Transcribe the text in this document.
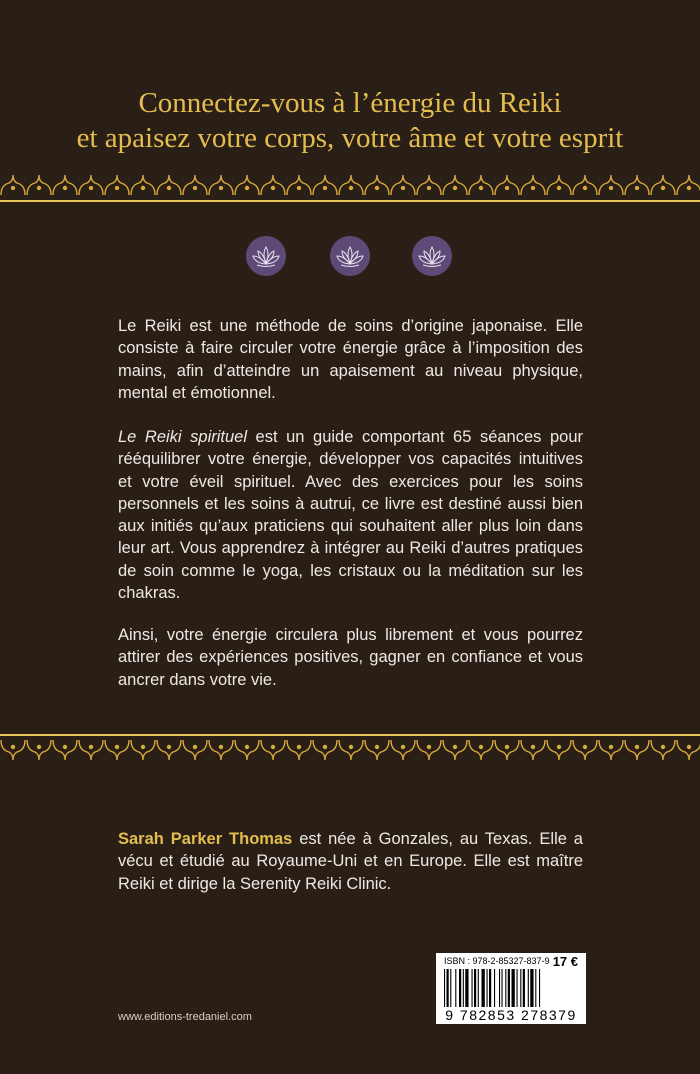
Connectez-vous à l’énergie du Reiki
et apaisez votre corps, votre âme et votre esprit

Le Reiki est une méthode de soins d’origine japonaise. Elle consiste à faire circuler votre énergie grâce à l’imposition des mains, afin d’atteindre un apaisement au niveau physique, mental et émotionnel.

Le Reiki spirituel est un guide comportant 65 séances pour rééquilibrer votre énergie, développer vos capacités intuitives et votre éveil spirituel. Avec des exercices pour les soins personnels et les soins à autrui, ce livre est destiné aussi bien aux initiés qu’aux praticiens qui souhaitent aller plus loin dans leur art. Vous apprendrez à intégrer au Reiki d’autres pratiques de soin comme le yoga, les cristaux ou la méditation sur les chakras.

Ainsi, votre énergie circulera plus librement et vous pourrez attirer des expériences positives, gagner en confiance et vous ancrer dans votre vie.

Sarah Parker Thomas est née à Gonzales, au Texas. Elle a vécu et étudié au Royaume-Uni et en Europe. Elle est maître Reiki et dirige la Serenity Reiki Clinic.

ISBN : 978-2-85327-837-9 17 €
9 782853 278379
www.editions-tredaniel.com
